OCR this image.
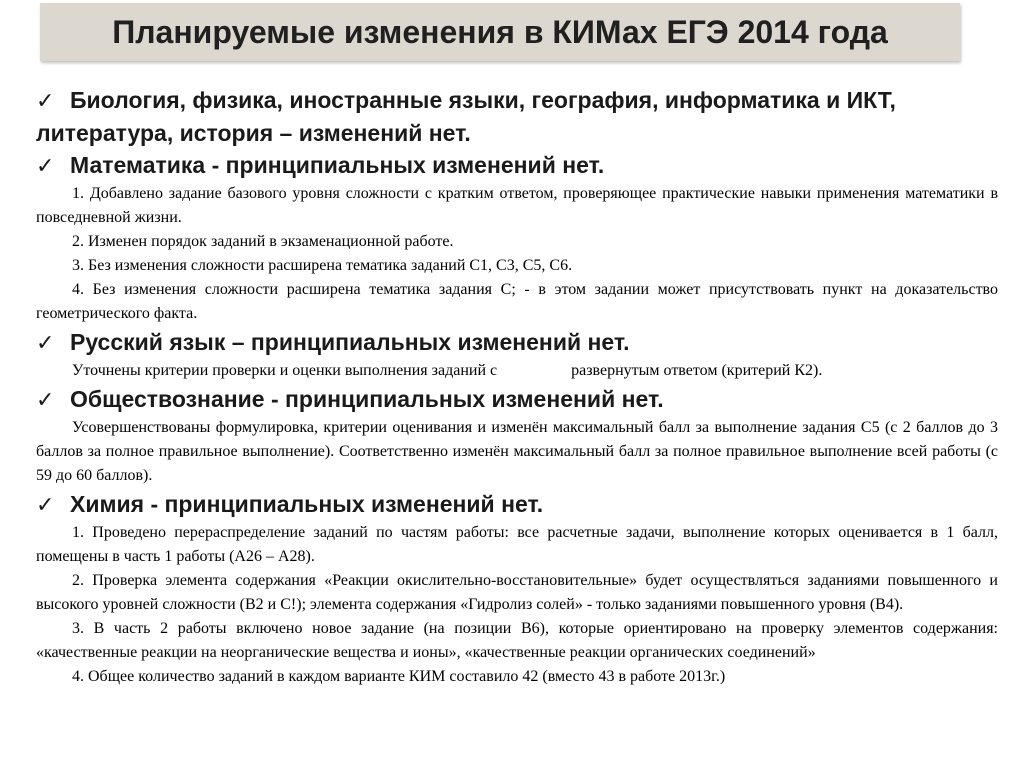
Планируемые изменения в КИМах ЕГЭ 2014 года

✓ Биология, физика, иностранные языки, география, информатика и ИКТ, литература, история – изменений нет.

✓ Математика - принципиальных изменений нет.

1. Добавлено задание базового уровня сложности с кратким ответом, проверяющее практические навыки применения математики в повседневной жизни.

2. Изменен порядок заданий в экзаменационной работе.

3. Без изменения сложности расширена тематика заданий С1, С3, С5, С6.

4. Без изменения сложности расширена тематика задания С; - в этом задании может присутствовать пункт на доказательство геометрического факта.

✓ Русский язык – принципиальных изменений нет.

Уточнены критерии проверки и оценки выполнения заданий с	развернутым ответом (критерий К2).

✓ Обществознание - принципиальных изменений нет.

Усовершенствованы формулировка, критерии оценивания и изменён максимальный балл за выполнение задания С5 (с 2 баллов до 3 баллов за полное правильное выполнение). Соответственно изменён максимальный балл за полное правильное выполнение всей работы (с 59 до 60 баллов).

✓ Химия - принципиальных изменений нет.

1. Проведено перераспределение заданий по частям работы: все расчетные задачи, выполнение которых оценивается в 1 балл, помещены в часть 1 работы (А26 – А28).

2. Проверка элемента содержания «Реакции окислительно-восстановительные» будет осуществляться заданиями повышенного и высокого уровней сложности (В2 и С!); элемента содержания «Гидролиз солей» - только заданиями повышенного уровня (В4).

3. В часть 2 работы включено новое задание (на позиции В6), которые ориентировано на проверку элементов содержания: «качественные реакции на неорганические вещества и ионы», «качественные реакции органических соединений»

4. Общее количество заданий в каждом варианте КИМ составило 42 (вместо 43 в работе 2013г.)
